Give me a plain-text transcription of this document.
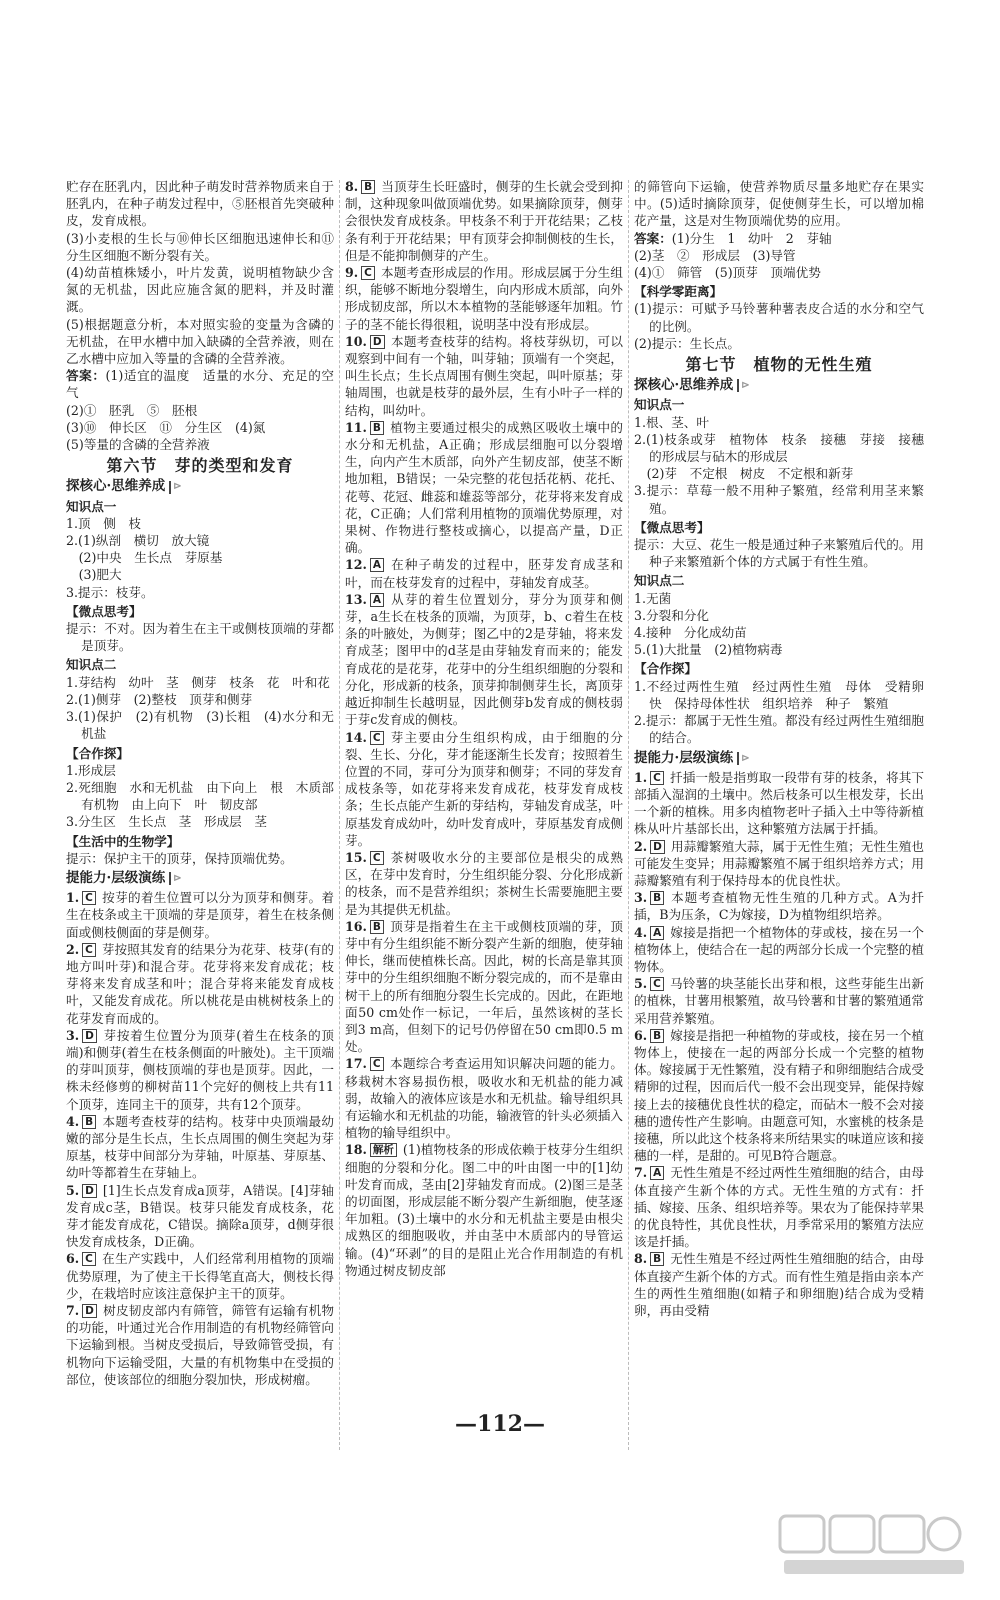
贮存在胚乳内，因此种子萌发时营养物质来自于胚乳内，在种子萌发过程中，⑤胚根首先突破种皮，发育成根。

(3)小麦根的生长与⑩伸长区细胞迅速伸长和⑪分生区细胞不断分裂有关。

(4)幼苗植株矮小，叶片发黄，说明植物缺少含氮的无机盐，因此应施含氮的肥料，并及时灌溉。

(5)根据题意分析，本对照实验的变量为含磷的无机盐，在甲水槽中加入缺磷的全营养液，则在乙水槽中应加入等量的含磷的全营养液。

答案：(1)适宜的温度　适量的水分、充足的空气

(2)①　胚乳　⑤　胚根

(3)⑩　伸长区　⑪　分生区　(4)氮

(5)等量的含磷的全营养液

第六节　芽的类型和发育
探核心·思维养成 ⊳
知识点一

1.顶　侧　枝

2.(1)纵剖　横切　放大镜

　(2)中央　生长点　芽原基

　(3)肥大

3.提示：枝芽。

【微点思考】

提示：不对。因为着生在主干或侧枝顶端的芽都是顶芽。

知识点二

1.芽结构　幼叶　茎　侧芽　枝条　花　叶和花

2.(1)侧芽　(2)整枝　顶芽和侧芽

3.(1)保护　(2)有机物　(3)长粗　(4)水分和无机盐

【合作探】

1.形成层

2.死细胞　水和无机盐　由下向上　根　木质部　有机物　由上向下　叶　韧皮部

3.分生区　生长点　茎　形成层　茎

【生活中的生物学】

提示：保护主干的顶芽，保持顶端优势。

提能力·层级演练 ⊳

1. C 按芽的着生位置可以分为顶芽和侧芽。着生在枝条或主干顶端的芽是顶芽，着生在枝条侧面或侧枝侧面的芽是侧芽。

2. C 芽按照其发育的结果分为花芽、枝芽(有的地方叫叶芽)和混合芽。花芽将来发育成花；枝芽将来发育成茎和叶；混合芽将来能发育成枝叶，又能发育成花。所以桃花是由桃树枝条上的花芽发育而成的。

3. D 芽按着生位置分为顶芽(着生在枝条的顶端)和侧芽(着生在枝条侧面的叶腋处)。主干顶端的芽叫顶芽，侧枝顶端的芽也是顶芽。因此，一株未经修剪的柳树苗11个完好的侧枝上共有11个顶芽，连同主干的顶芽，共有12个顶芽。

4. B 本题考查枝芽的结构。枝芽中央顶端最幼嫩的部分是生长点，生长点周围的侧生突起为芽原基，枝芽中间部分为芽轴，叶原基、芽原基、幼叶等都着生在芽轴上。

5. D [1]生长点发育成a顶芽，A错误。[4]芽轴发育成c茎，B错误。枝芽只能发育成枝条，花芽才能发育成花，C错误。摘除a顶芽，d侧芽很快发育成枝条，D正确。

6. C 在生产实践中，人们经常利用植物的顶端优势原理，为了使主干长得笔直高大，侧枝长得少，在栽培时应该注意保护主干的顶芽。

7. D 树皮韧皮部内有筛管，筛管有运输有机物的功能，叶通过光合作用制造的有机物经筛管向下运输到根。当树皮受损后，导致筛管受损，有机物向下运输受阻，大量的有机物集中在受损的部位，使该部位的细胞分裂加快，形成树瘤。

8. B 当顶芽生长旺盛时，侧芽的生长就会受到抑制，这种现象叫做顶端优势。如果摘除顶芽，侧芽会很快发育成枝条。甲枝条不利于开花结果；乙枝条有利于开花结果；甲有顶芽会抑制侧枝的生长，但是不能抑制侧芽的产生。

9. C 本题考查形成层的作用。形成层属于分生组织，能够不断地分裂增生，向内形成木质部，向外形成韧皮部，所以木本植物的茎能够逐年加粗。竹子的茎不能长得很粗，说明茎中没有形成层。

10. D 本题考查枝芽的结构。将枝芽纵切，可以观察到中间有一个轴，叫芽轴；顶端有一个突起，叫生长点；生长点周围有侧生突起，叫叶原基；芽轴周围，也就是枝芽的最外层，生有小叶子一样的结构，叫幼叶。

11. B 植物主要通过根尖的成熟区吸收土壤中的水分和无机盐，A正确；形成层细胞可以分裂增生，向内产生木质部，向外产生韧皮部，使茎不断地加粗，B错误；一朵完整的花包括花柄、花托、花萼、花冠、雌蕊和雄蕊等部分，花芽将来发育成花，C正确；人们常利用植物的顶端优势原理，对果树、作物进行整枝或摘心，以提高产量，D正确。

12. A 在种子萌发的过程中，胚芽发育成茎和叶，而在枝芽发育的过程中，芽轴发育成茎。

13. A 从芽的着生位置划分，芽分为顶芽和侧芽，a生长在枝条的顶端，为顶芽，b、c着生在枝条的叶腋处，为侧芽；图乙中的2是芽轴，将来发育成茎；图甲中的d茎是由芽轴发育而来的；能发育成花的是花芽，花芽中的分生组织细胞的分裂和分化，形成新的枝条，顶芽抑制侧芽生长，离顶芽越近抑制生长越明显，因此侧芽b发育成的侧枝弱于芽c发育成的侧枝。

14. C 芽主要由分生组织构成，由于细胞的分裂、生长、分化，芽才能逐渐生长发育；按照着生位置的不同，芽可分为顶芽和侧芽；不同的芽发育成枝条等，如花芽将来发育成花，枝芽发育成枝条；生长点能产生新的芽结构，芽轴发育成茎，叶原基发育成幼叶，幼叶发育成叶，芽原基发育成侧芽。

15. C 茶树吸收水分的主要部位是根尖的成熟区，在芽中发育时，分生组织能分裂、分化形成新的枝条，而不是营养组织；茶树生长需要施肥主要是为其提供无机盐。

16. B 顶芽是指着生在主干或侧枝顶端的芽，顶芽中有分生组织能不断分裂产生新的细胞，使芽轴伸长，继而使植株长高。因此，树的长高是靠其顶芽中的分生组织细胞不断分裂完成的，而不是靠由树干上的所有细胞分裂生长完成的。因此，在距地面50 cm处作一标记，一年后，虽然该树的茎长到3 m高，但刻下的记号仍停留在50 cm即0.5 m处。

17. C 本题综合考查运用知识解决问题的能力。移栽树木容易损伤根，吸收水和无机盐的能力减弱，故输入的液体应该是水和无机盐。输导组织具有运输水和无机盐的功能，输液管的针头必须插入植物的输导组织中。

18. 解析 (1)植物枝条的形成依赖于枝芽分生组织细胞的分裂和分化。图二中的叶由图一中的[1]幼叶发育而成，茎由[2]芽轴发育而成。(2)图三是茎的切面图，形成层能不断分裂产生新细胞，使茎逐年加粗。(3)土壤中的水分和无机盐主要是由根尖成熟区的细胞吸收，并由茎中木质部内的导管运输。(4)“环剥”的目的是阻止光合作用制造的有机物通过树皮韧皮部

的筛管向下运输，使营养物质尽量多地贮存在果实中。(5)适时摘除顶芽，促使侧芽生长，可以增加棉花产量，这是对生物顶端优势的应用。

答案：(1)分生　1　幼叶　2　芽轴

(2)茎　②　形成层　(3)导管

(4)①　筛管　(5)顶芽　顶端优势

【科学零距离】

(1)提示：可赋予马铃薯种薯表皮合适的水分和空气的比例。

(2)提示：生长点。

第七节　植物的无性生殖
探核心·思维养成 ⊳
知识点一

1.根、茎、叶

2.(1)枝条或芽　植物体　枝条　接穗　芽接　接穗的形成层与砧木的形成层

　(2)芽　不定根　树皮　不定根和新芽

3.提示：草莓一般不用种子繁殖，经常利用茎来繁殖。

【微点思考】

提示：大豆、花生一般是通过种子来繁殖后代的。用种子来繁殖新个体的方式属于有性生殖。

知识点二

1.无菌

3.分裂和分化

4.接种　分化成幼苗

5.(1)大批量　(2)植物病毒

【合作探】

1.不经过两性生殖　经过两性生殖　母体　受精卵　快　保持母体性状　组织培养　种子　繁殖

2.提示：都属于无性生殖。都没有经过两性生殖细胞的结合。

提能力·层级演练 ⊳

1. C 扦插一般是指剪取一段带有芽的枝条，将其下部插入湿润的土壤中。然后枝条可以生根发芽，长出一个新的植株。用多肉植物老叶子插入土中等待新植株从叶片基部长出，这种繁殖方法属于扦插。

2. D 用蒜瓣繁殖大蒜，属于无性生殖；无性生殖也可能发生变异；用蒜瓣繁殖不属于组织培养方式；用蒜瓣繁殖有利于保持母本的优良性状。

3. B 本题考查植物无性生殖的几种方式。A为扦插，B为压条，C为嫁接，D为植物组织培养。

4. A 嫁接是指把一个植物体的芽或枝，接在另一个植物体上，使结合在一起的两部分长成一个完整的植物体。

5. C 马铃薯的块茎能长出芽和根，这些芽能生出新的植株，甘薯用根繁殖，故马铃薯和甘薯的繁殖通常采用营养繁殖。

6. B 嫁接是指把一种植物的芽或枝，接在另一个植物体上，使接在一起的两部分长成一个完整的植物体。嫁接属于无性繁殖，没有精子和卵细胞结合成受精卵的过程，因而后代一般不会出现变异，能保持嫁接上去的接穗优良性状的稳定，而砧木一般不会对接穗的遗传性产生影响。由题意可知，水蜜桃的枝条是接穗，所以此这个枝条将来所结果实的味道应该和接穗的一样，是甜的。可见B符合题意。

7. A 无性生殖是不经过两性生殖细胞的结合，由母体直接产生新个体的方式。无性生殖的方式有：扦插、嫁接、压条、组织培养等。果农为了能保持苹果的优良特性，其优良性状，月季常采用的繁殖方法应该是扦插。

8. B 无性生殖是不经过两性生殖细胞的结合，由母体直接产生新个体的方式。而有性生殖是指由亲本产生的两性生殖细胞(如精子和卵细胞)结合成为受精卵，再由受精

—112—
